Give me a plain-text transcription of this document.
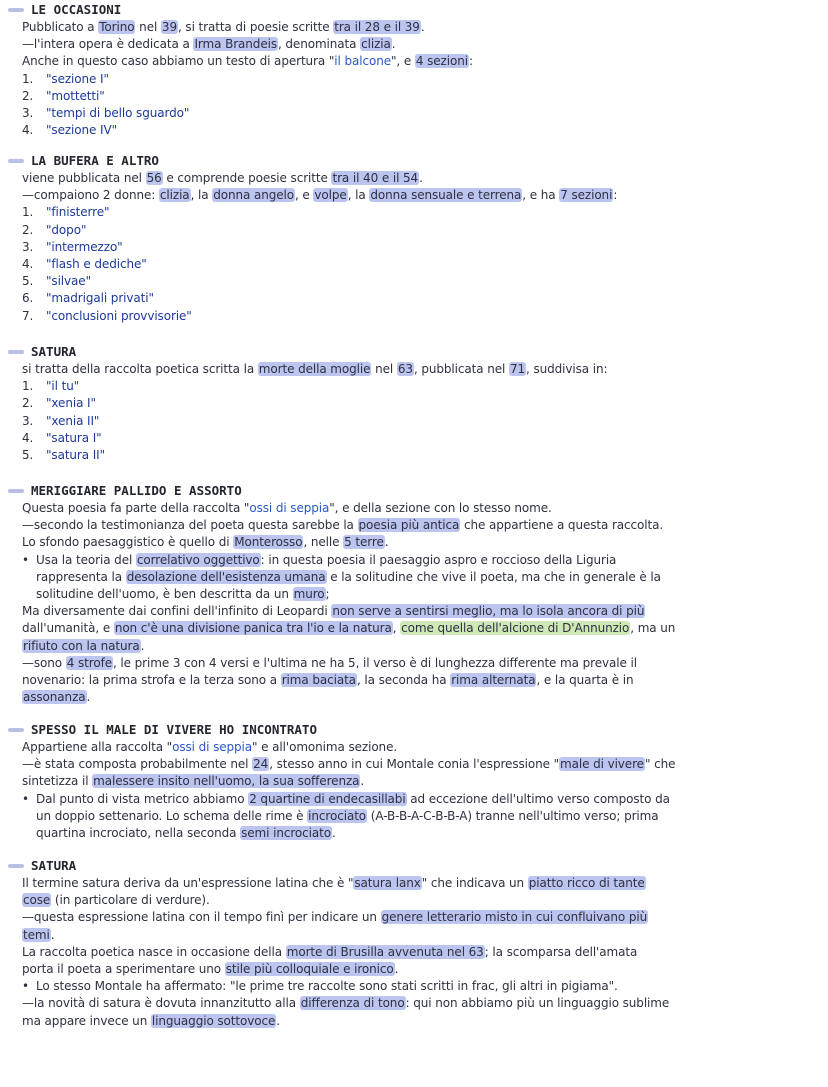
LE OCCASIONI
Pubblicato a Torino nel 39, si tratta di poesie scritte tra il 28 e il 39.
—l'intera opera è dedicata a Irma Brandeis, denominata clizia.
Anche in questo caso abbiamo un testo di apertura "il balcone", e 4 sezioni:
1. "sezione I"
2. "mottetti"
3. "tempi di bello sguardo"
4. "sezione IV"
LA BUFERA E ALTRO
viene pubblicata nel 56 e comprende poesie scritte tra il 40 e il 54.
—compaiono 2 donne: clizia, la donna angelo, e volpe, la donna sensuale e terrena, e ha 7 sezioni:
1. "finisterre"
2. "dopo"
3. "intermezzo"
4. "flash e dediche"
5. "silvae"
6. "madrigali privati"
7. "conclusioni provvisorie"
SATURA
si tratta della raccolta poetica scritta la morte della moglie nel 63, pubblicata nel 71, suddivisa in:
1. "il tu"
2. "xenia I"
3. "xenia II"
4. "satura I"
5. "satura II"
MERIGGIARE PALLIDO E ASSORTO
Questa poesia fa parte della raccolta "ossi di seppia", e della sezione con lo stesso nome.
—secondo la testimonianza del poeta questa sarebbe la poesia più antica che appartiene a questa raccolta.
Lo sfondo paesaggistico è quello di Monterosso, nelle 5 terre.
• Usa la teoria del correlativo oggettivo: in questa poesia il paesaggio aspro e roccioso della Liguria
rappresenta la desolazione dell'esistenza umana e la solitudine che vive il poeta, ma che in generale è la
solitudine dell'uomo, è ben descritta da un muro;
Ma diversamente dai confini dell'infinito di Leopardi non serve a sentirsi meglio, ma lo isola ancora di più
dall'umanità, e non c'è una divisione panica tra l'io e la natura, come quella dell'alcione di D'Annunzio, ma un
rifiuto con la natura.
—sono 4 strofe, le prime 3 con 4 versi e l'ultima ne ha 5, il verso è di lunghezza differente ma prevale il
novenario: la prima strofa e la terza sono a rima baciata, la seconda ha rima alternata, e la quarta è in
assonanza.
SPESSO IL MALE DI VIVERE HO INCONTRATO
Appartiene alla raccolta "ossi di seppia" e all'omonima sezione.
—è stata composta probabilmente nel 24, stesso anno in cui Montale conia l'espressione "male di vivere" che
sintetizza il malessere insito nell'uomo, la sua sofferenza.
• Dal punto di vista metrico abbiamo 2 quartine di endecasillabi ad eccezione dell'ultimo verso composto da
un doppio settenario. Lo schema delle rime è incrociato (A-B-B-A-C-B-B-A) tranne nell'ultimo verso; prima
quartina incrociato, nella seconda semi incrociato.
SATURA
Il termine satura deriva da un'espressione latina che è "satura lanx" che indicava un piatto ricco di tante
cose (in particolare di verdure).
—questa espressione latina con il tempo finì per indicare un genere letterario misto in cui confluivano più
temi.
La raccolta poetica nasce in occasione della morte di Brusilla avvenuta nel 63; la scomparsa dell'amata
porta il poeta a sperimentare uno stile più colloquiale e ironico.
• Lo stesso Montale ha affermato: "le prime tre raccolte sono stati scritti in frac, gli altri in pigiama".
—la novità di satura è dovuta innanzitutto alla differenza di tono: qui non abbiamo più un linguaggio sublime
ma appare invece un linguaggio sottovoce.
